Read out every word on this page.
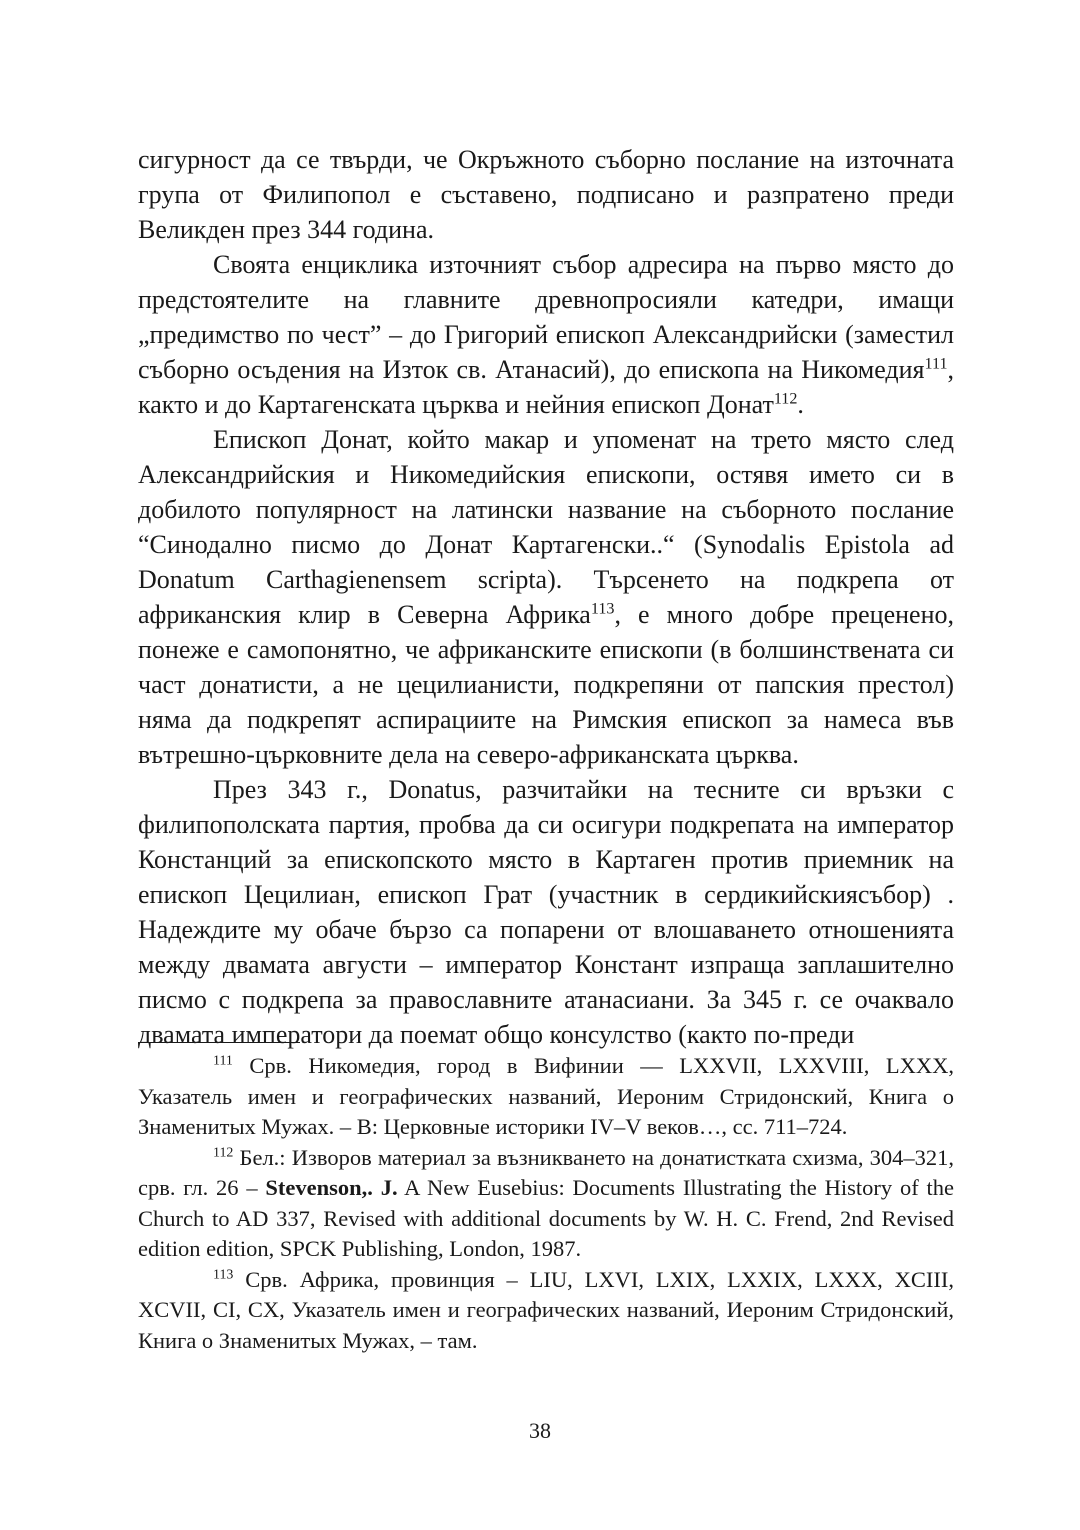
сигурност да се твърди, че Окръжното съборно послание на източната група от Филипопол е съставено, подписано и разпратено преди Великден през 344 година.

Своята енциклика източният събор адресира на първо място до предстоятелите на главните древнопросияли катедри, имащи „предимство по чест” – до Григорий епископ Александрийски (заместил съборно осъдения на Изток св. Атанасий), до епископа на Никомедия$^{111}$, както и до Картагенската църква и нейния епископ Донат$^{112}$.

Епископ Донат, който макар и упоменат на трето място след Александрийския и Никомедийския епископи, остявя името си в добилото популярност на латински название на съборното послание “Синодално писмо до Донат Картагенски..“ (Synodalis Epistola ad Donatum Carthagienensem scripta). Търсенето на подкрепа от африканския клир в Северна Африка$^{113}$, е много добре преценено, понеже е самопонятно, че африканските епископи (в болшинствената си част донатисти, а не цецилианисти, подкрепяни от папския престол) няма да подкрепят аспирациите на Римския епископ за намеса във вътрешно-църковните дела на северо-африканската църква.

През 343 г., Donatus, разчитайки на тесните си връзки с филипополската партия, пробва да си осигури подкрепата на император Констанций за епископското място в Картаген против приемник на епископ Цецилиан, епископ Грат (участник в сердикийскиясъбор) . Надеждите му обаче бързо са попарени от влошаването отношенията между двамата августи – император Констант изпраща заплашително писмо с подкрепа за православните атанасиани. За 345 г. се очаквало двамата императори да поемат общо консулство (както по-преди

$^{111}$ Срв. Никомедия, город в Вифинии — LXXVII, LXXVIII, LXXX, Указатель имен и географических названий, Иероним Стридонский, Книга о Знаменитых Мужах. – В: Церковные историки IV–V веков…, сс. 711–724.

$^{112}$ Бел.: Изворов материал за възникването на донатистката схизма, 304–321, срв. гл. 26 – Stevenson,. J. A New Eusebius: Documents Illustrating the History of the Church to AD 337, Revised with additional documents by W. H. C. Frend, 2nd Revised edition edition, SPCK Publishing, London, 1987.

$^{113}$ Срв. Африка, провинция – LIU, LXVI, LXIX, LXXIX, LXXX, XCIII, XCVII, CI, CX, Указатель имен и географических названий, Иероним Стридонский, Книга о Знаменитых Мужах, – там.

38
